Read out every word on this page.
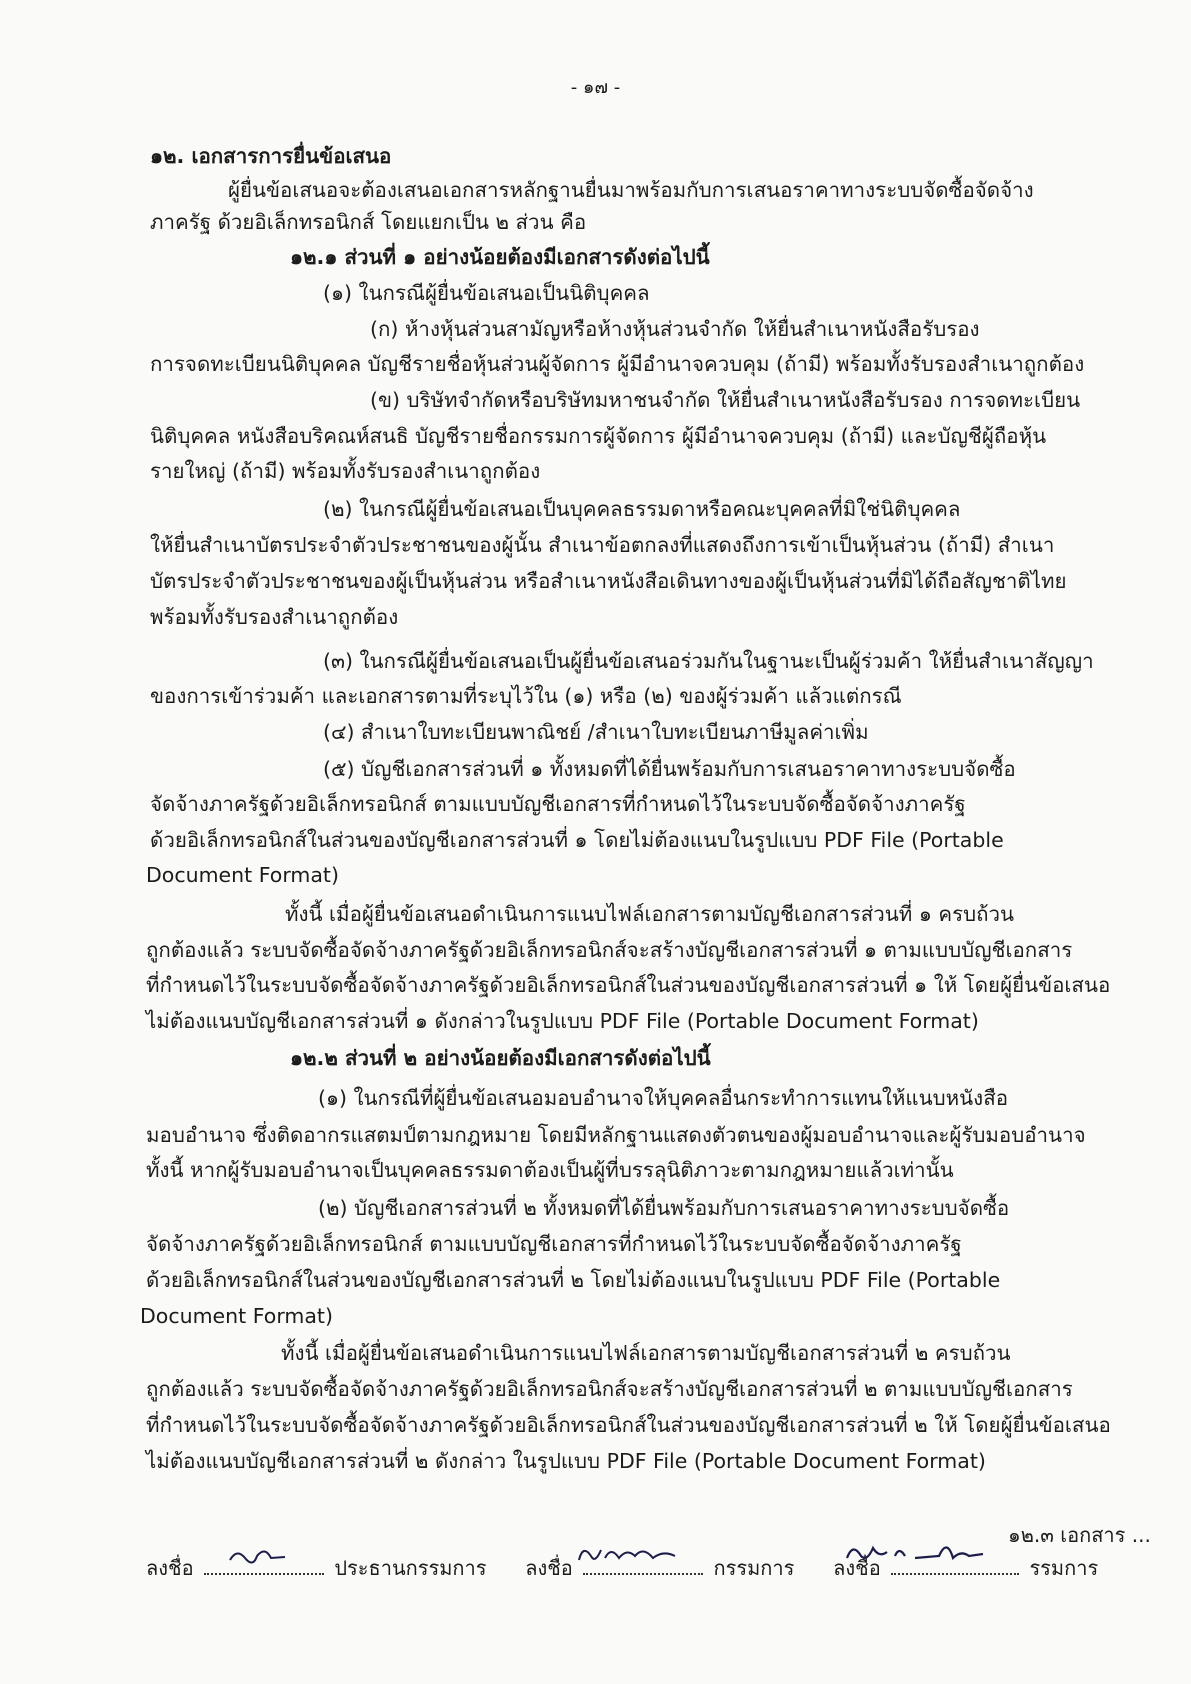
- ๑๗ -
๑๒. เอกสารการยื่นข้อเสนอ
ผู้ยื่นข้อเสนอจะต้องเสนอเอกสารหลักฐานยื่นมาพร้อมกับการเสนอราคาทางระบบจัดซื้อจัดจ้าง
ภาครัฐ ด้วยอิเล็กทรอนิกส์ โดยแยกเป็น ๒ ส่วน คือ
๑๒.๑ ส่วนที่ ๑ อย่างน้อยต้องมีเอกสารดังต่อไปนี้
(๑) ในกรณีผู้ยื่นข้อเสนอเป็นนิติบุคคล
(ก) ห้างหุ้นส่วนสามัญหรือห้างหุ้นส่วนจำกัด ให้ยื่นสำเนาหนังสือรับรอง
การจดทะเบียนนิติบุคคล บัญชีรายชื่อหุ้นส่วนผู้จัดการ ผู้มีอำนาจควบคุม (ถ้ามี) พร้อมทั้งรับรองสำเนาถูกต้อง
(ข) บริษัทจำกัดหรือบริษัทมหาชนจำกัด ให้ยื่นสำเนาหนังสือรับรอง การจดทะเบียน
นิติบุคคล หนังสือบริคณห์สนธิ บัญชีรายชื่อกรรมการผู้จัดการ ผู้มีอำนาจควบคุม (ถ้ามี) และบัญชีผู้ถือหุ้น
รายใหญ่ (ถ้ามี) พร้อมทั้งรับรองสำเนาถูกต้อง
(๒) ในกรณีผู้ยื่นข้อเสนอเป็นบุคคลธรรมดาหรือคณะบุคคลที่มิใช่นิติบุคคล
ให้ยื่นสำเนาบัตรประจำตัวประชาชนของผู้นั้น สำเนาข้อตกลงที่แสดงถึงการเข้าเป็นหุ้นส่วน (ถ้ามี) สำเนา
บัตรประจำตัวประชาชนของผู้เป็นหุ้นส่วน หรือสำเนาหนังสือเดินทางของผู้เป็นหุ้นส่วนที่มิได้ถือสัญชาติไทย
พร้อมทั้งรับรองสำเนาถูกต้อง
(๓) ในกรณีผู้ยื่นข้อเสนอเป็นผู้ยื่นข้อเสนอร่วมกันในฐานะเป็นผู้ร่วมค้า ให้ยื่นสำเนาสัญญา
ของการเข้าร่วมค้า และเอกสารตามที่ระบุไว้ใน (๑) หรือ (๒) ของผู้ร่วมค้า แล้วแต่กรณี
(๔) สำเนาใบทะเบียนพาณิชย์ /สำเนาใบทะเบียนภาษีมูลค่าเพิ่ม
(๕) บัญชีเอกสารส่วนที่ ๑ ทั้งหมดที่ได้ยื่นพร้อมกับการเสนอราคาทางระบบจัดซื้อ
จัดจ้างภาครัฐด้วยอิเล็กทรอนิกส์ ตามแบบบัญชีเอกสารที่กำหนดไว้ในระบบจัดซื้อจัดจ้างภาครัฐ
ด้วยอิเล็กทรอนิกส์ในส่วนของบัญชีเอกสารส่วนที่ ๑ โดยไม่ต้องแนบในรูปแบบ PDF File (Portable
Document Format)
ทั้งนี้ เมื่อผู้ยื่นข้อเสนอดำเนินการแนบไฟล์เอกสารตามบัญชีเอกสารส่วนที่ ๑ ครบถ้วน
ถูกต้องแล้ว ระบบจัดซื้อจัดจ้างภาครัฐด้วยอิเล็กทรอนิกส์จะสร้างบัญชีเอกสารส่วนที่ ๑ ตามแบบบัญชีเอกสาร
ที่กำหนดไว้ในระบบจัดซื้อจัดจ้างภาครัฐด้วยอิเล็กทรอนิกส์ในส่วนของบัญชีเอกสารส่วนที่ ๑ ให้ โดยผู้ยื่นข้อเสนอ
ไม่ต้องแนบบัญชีเอกสารส่วนที่ ๑ ดังกล่าวในรูปแบบ PDF File (Portable Document Format)
๑๒.๒ ส่วนที่ ๒ อย่างน้อยต้องมีเอกสารดังต่อไปนี้
(๑) ในกรณีที่ผู้ยื่นข้อเสนอมอบอำนาจให้บุคคลอื่นกระทำการแทนให้แนบหนังสือ
มอบอำนาจ ซึ่งติดอากรแสตมป์ตามกฎหมาย โดยมีหลักฐานแสดงตัวตนของผู้มอบอำนาจและผู้รับมอบอำนาจ
ทั้งนี้ หากผู้รับมอบอำนาจเป็นบุคคลธรรมดาต้องเป็นผู้ที่บรรลุนิติภาวะตามกฎหมายแล้วเท่านั้น
(๒) บัญชีเอกสารส่วนที่ ๒ ทั้งหมดที่ได้ยื่นพร้อมกับการเสนอราคาทางระบบจัดซื้อ
จัดจ้างภาครัฐด้วยอิเล็กทรอนิกส์ ตามแบบบัญชีเอกสารที่กำหนดไว้ในระบบจัดซื้อจัดจ้างภาครัฐ
ด้วยอิเล็กทรอนิกส์ในส่วนของบัญชีเอกสารส่วนที่ ๒ โดยไม่ต้องแนบในรูปแบบ PDF File (Portable
Document Format)
ทั้งนี้ เมื่อผู้ยื่นข้อเสนอดำเนินการแนบไฟล์เอกสารตามบัญชีเอกสารส่วนที่ ๒ ครบถ้วน
ถูกต้องแล้ว ระบบจัดซื้อจัดจ้างภาครัฐด้วยอิเล็กทรอนิกส์จะสร้างบัญชีเอกสารส่วนที่ ๒ ตามแบบบัญชีเอกสาร
ที่กำหนดไว้ในระบบจัดซื้อจัดจ้างภาครัฐด้วยอิเล็กทรอนิกส์ในส่วนของบัญชีเอกสารส่วนที่ ๒ ให้ โดยผู้ยื่นข้อเสนอ
ไม่ต้องแนบบัญชีเอกสารส่วนที่ ๒ ดังกล่าว ในรูปแบบ PDF File (Portable Document Format)
๑๒.๓ เอกสาร ...
ลงชื่อ	ประธานกรรมการ ลงชื่อ	กรรมการ ลงชื่อ	รรมการ
